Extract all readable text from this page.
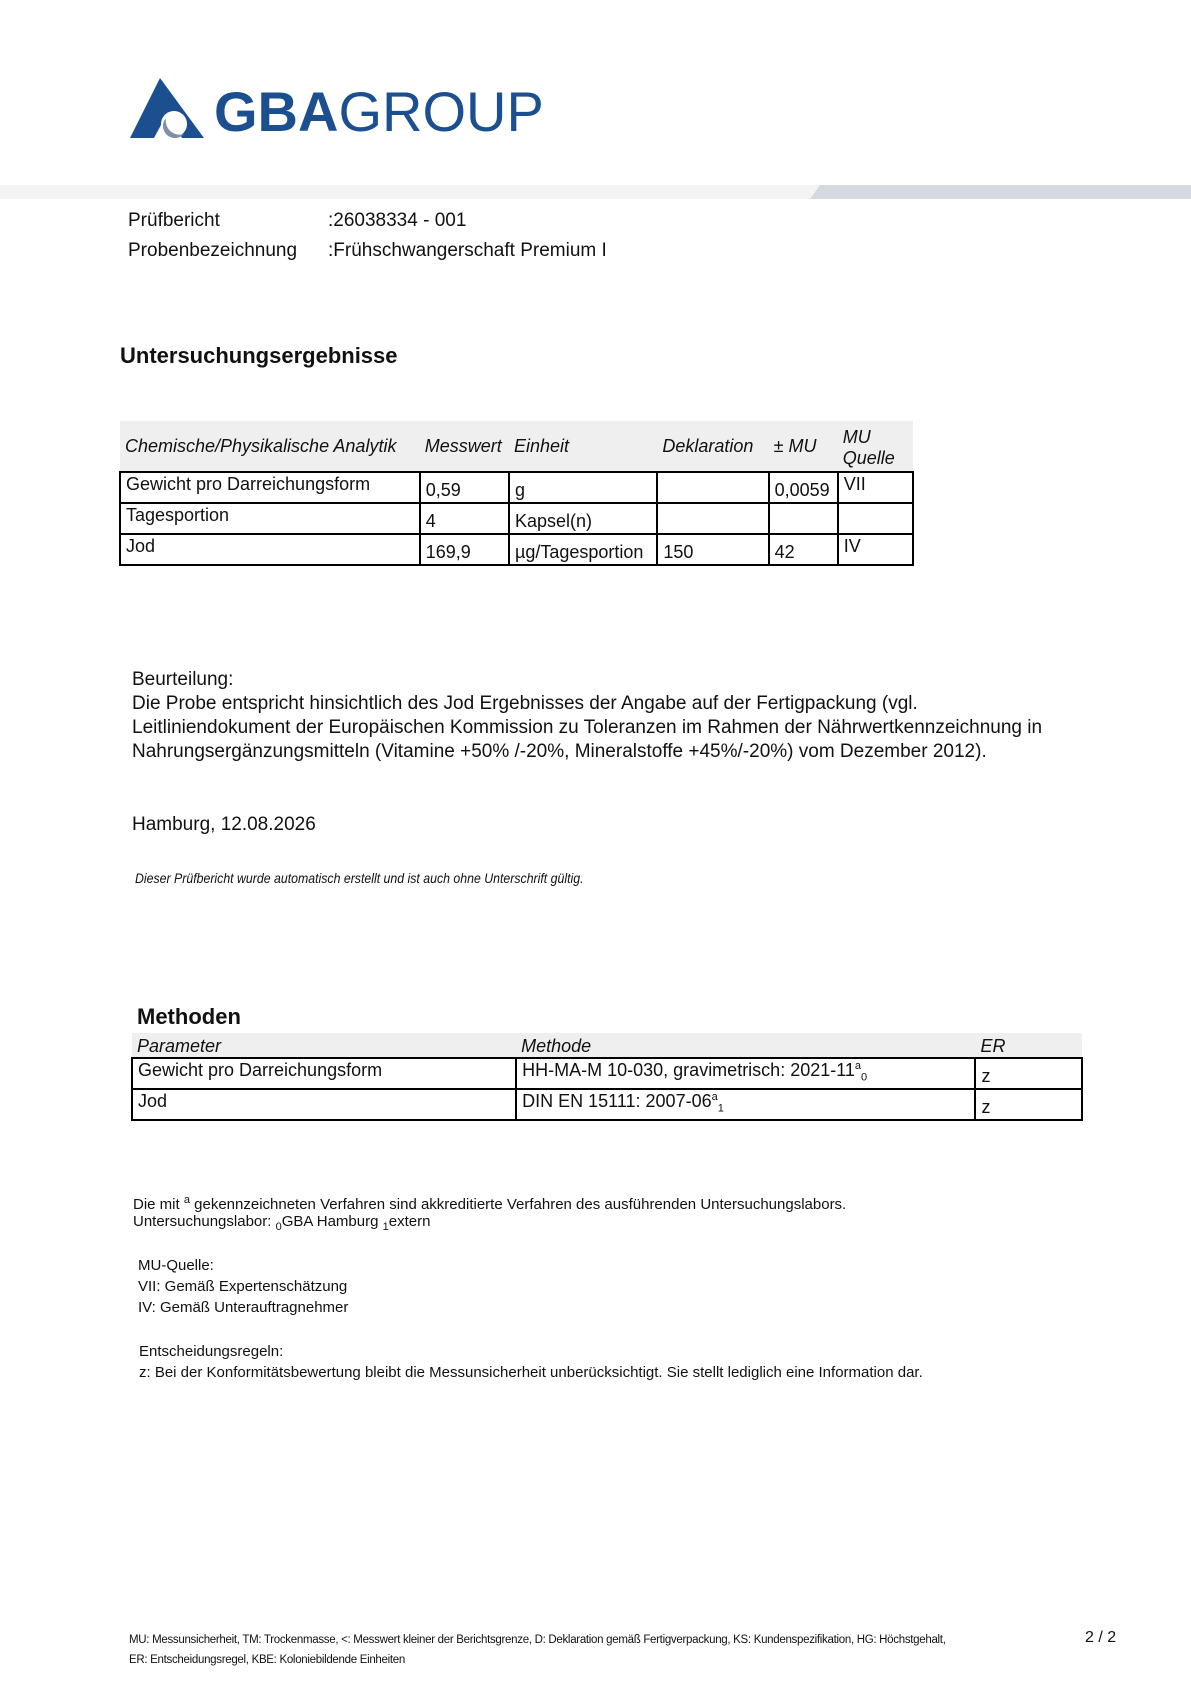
GBAGROUP
Prüfbericht	:26038334 - 001
Probenbezeichnung :Frühschwangerschaft Premium I
Untersuchungsergebnisse
Chemische/Physikalische Analytik	Messwert	Einheit	Deklaration	± MU	MU
Quelle

Gewicht pro Darreichungsform	0,59	g		0,0059	VII
Tagesportion	4	Kapsel(n)			
Jod	169,9	µg/Tagesportion	150	42	IV
Beurteilung:
Die Probe entspricht hinsichtlich des Jod Ergebnisses der Angabe auf der Fertigpackung (vgl.
Leitliniendokument der Europäischen Kommission zu Toleranzen im Rahmen der Nährwertkennzeichnung in
Nahrungsergänzungsmitteln (Vitamine +50% /-20%, Mineralstoffe +45%/-20%) vom Dezember 2012).
Hamburg, 12.08.2026
Dieser Prüfbericht wurde automatisch erstellt und ist auch ohne Unterschrift gültig.
Methoden
Parameter	Methode	ER
Gewicht pro Darreichungsform	HH-MA-M 10-030, gravimetrisch: $2021-11^a_0$	z
Jod	DIN EN 15111: $2007-06^a_1$	z
Die mit $^a$ gekennzeichneten Verfahren sind akkreditierte Verfahren des ausführenden Untersuchungslabors.
Untersuchungslabor: $_0$GBA Hamburg $_1$extern
MU-Quelle:
VII: Gemäß Expertenschätzung
IV: Gemäß Unterauftragnehmer
Entscheidungsregeln:
z: Bei der Konformitätsbewertung bleibt die Messunsicherheit unberücksichtigt. Sie stellt lediglich eine Information dar.
MU: Messunsicherheit, TM: Trockenmasse, <: Messwert kleiner der Berichtsgrenze, D: Deklaration gemäß Fertigverpackung, KS: Kundenspezifikation, HG: Höchstgehalt,
ER: Entscheidungsregel, KBE: Koloniebildende Einheiten
2 / 2
